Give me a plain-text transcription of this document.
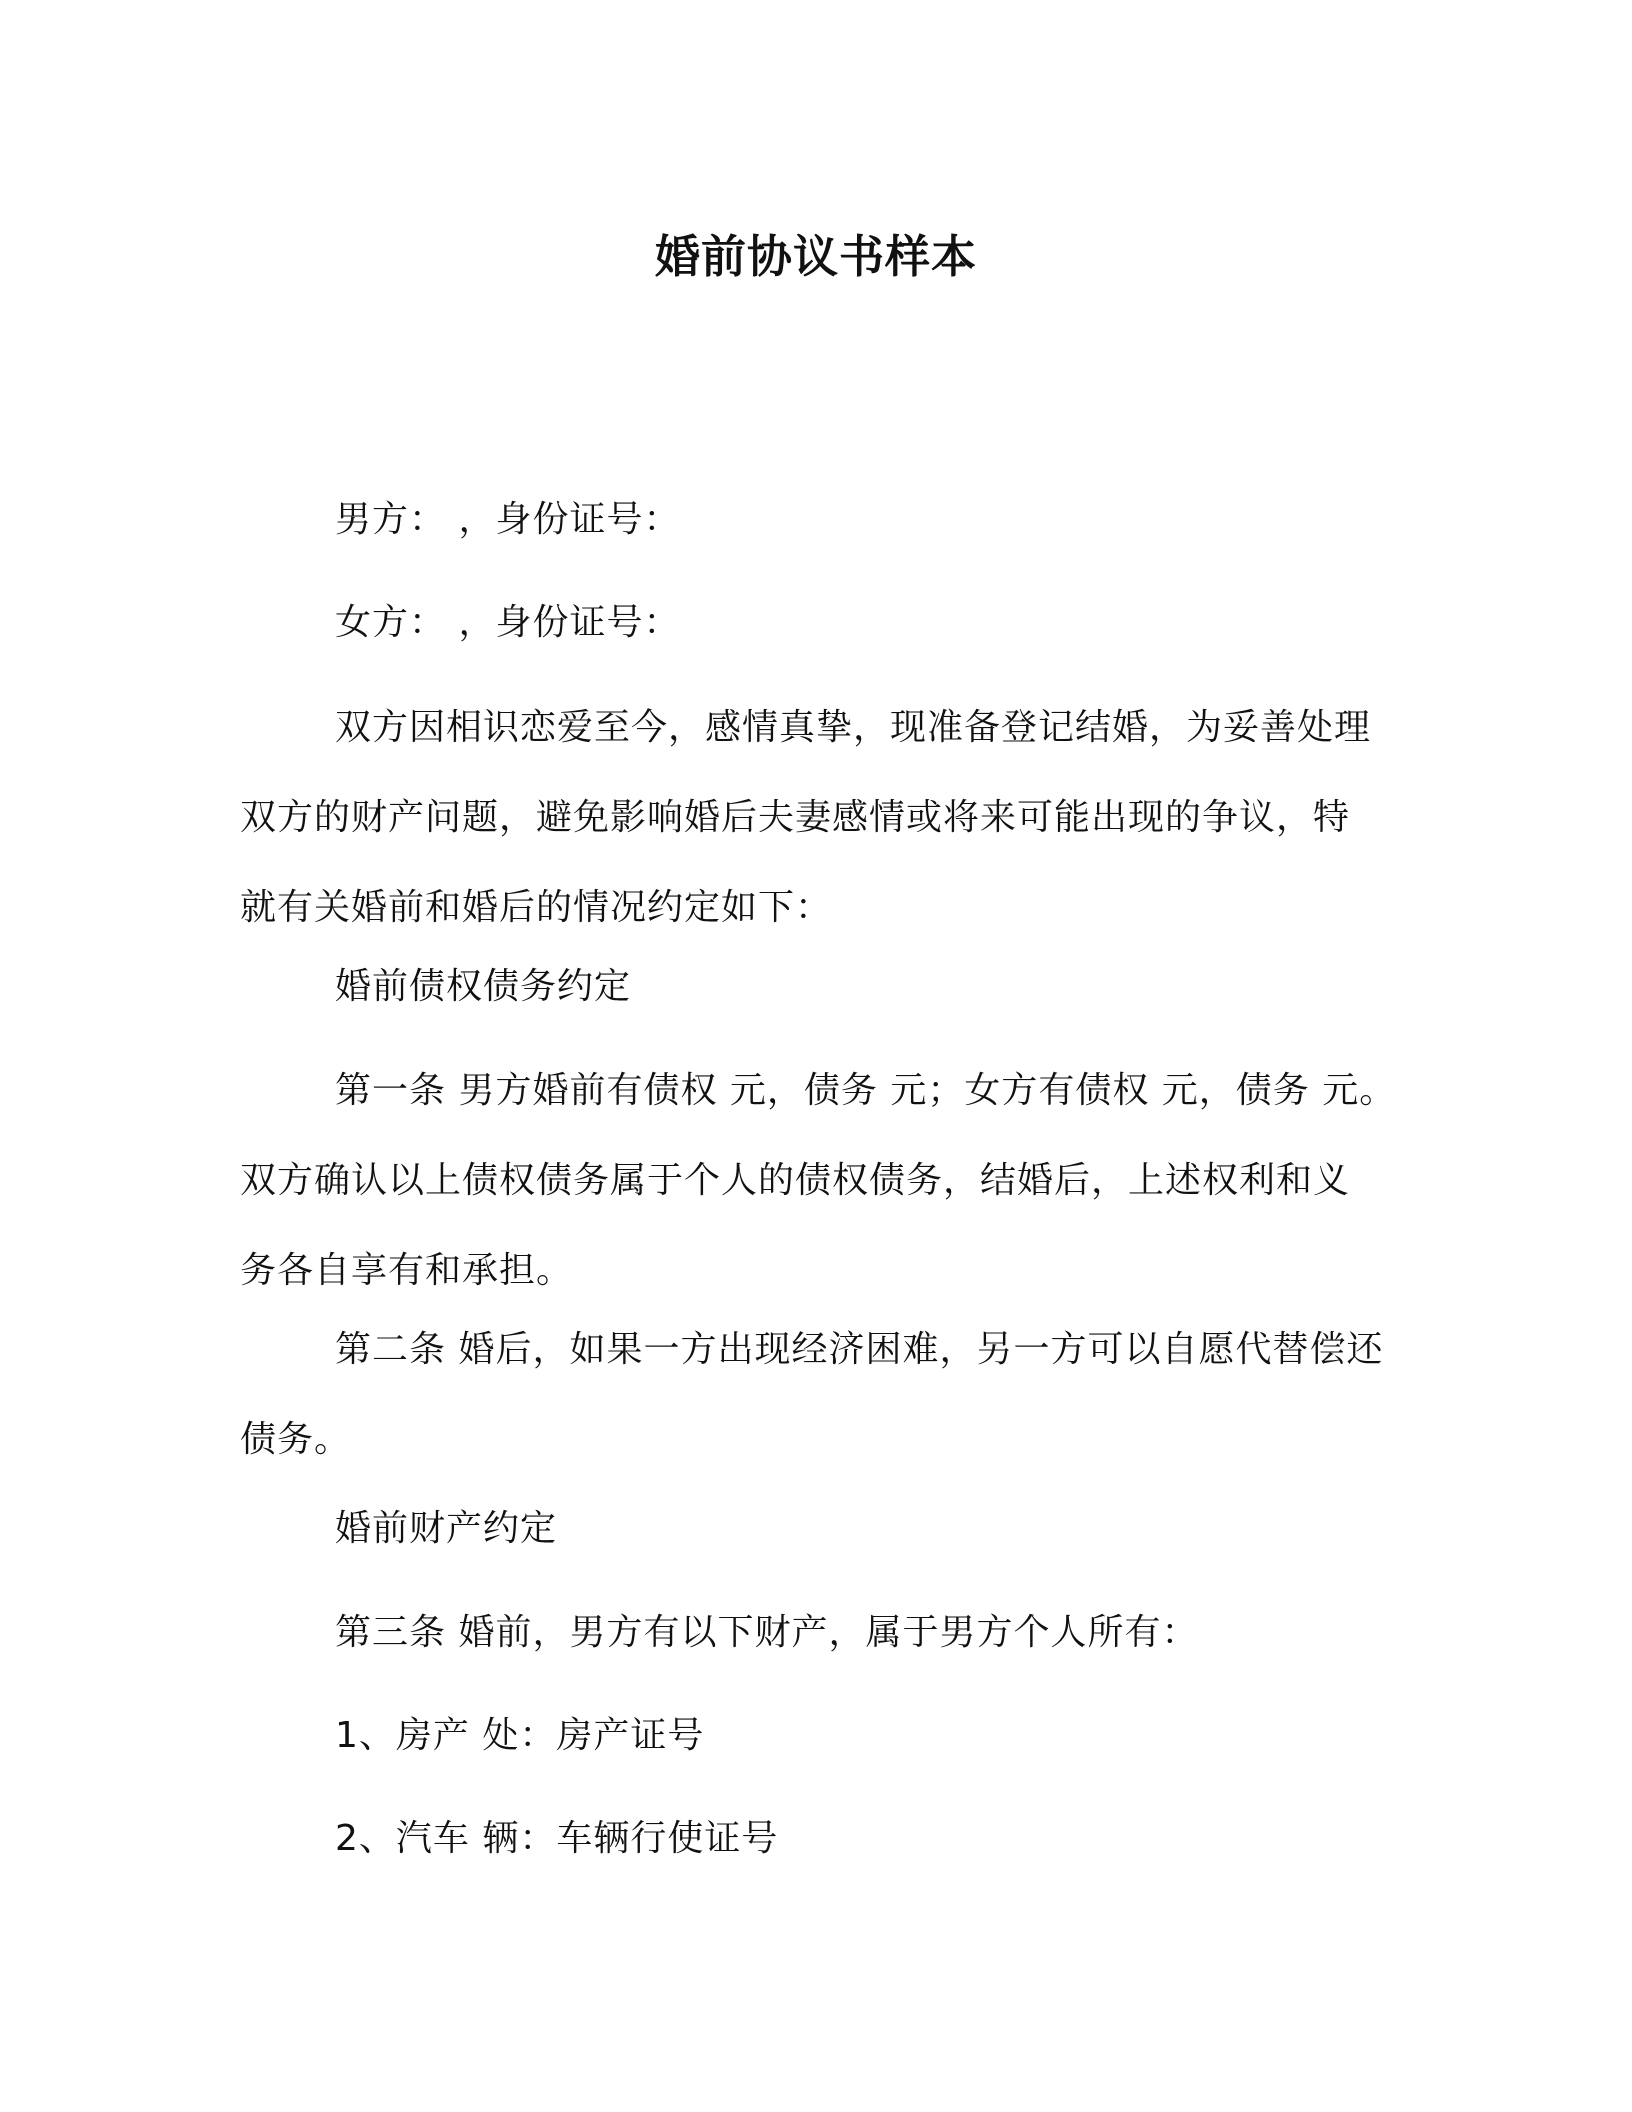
婚前协议书样本

男方： ，身份证号：

女方： ，身份证号：

双方因相识恋爱至今，感情真挚，现准备登记结婚，为妥善处理
双方的财产问题，避免影响婚后夫妻感情或将来可能出现的争议，特
就有关婚前和婚后的情况约定如下：

婚前债权债务约定

第一条 男方婚前有债权 元，债务 元；女方有债权 元，债务 元。
双方确认以上债权债务属于个人的债权债务，结婚后，上述权利和义
务各自享有和承担。

第二条 婚后，如果一方出现经济困难，另一方可以自愿代替偿还
债务。

婚前财产约定

第三条 婚前，男方有以下财产，属于男方个人所有：

1、房产 处：房产证号

2、汽车 辆：车辆行使证号
